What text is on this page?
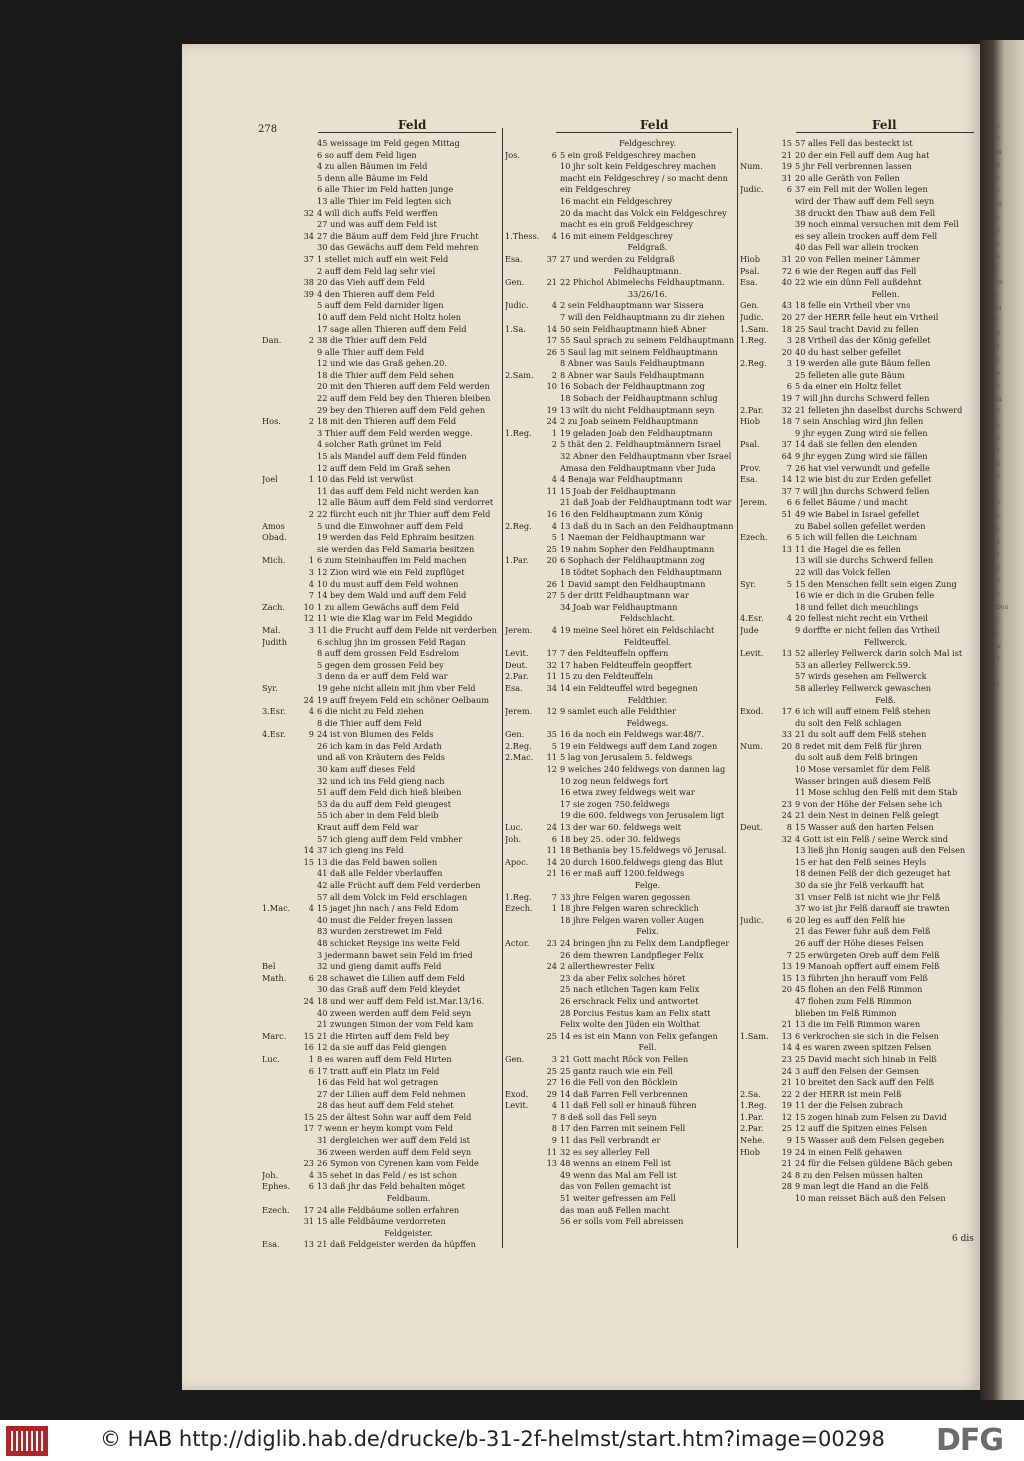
u
5
m
Ji
s
6
di
a
g
s
u
t
ge
r
vi
f
9
1
v
u
5
m
7
n
8
2
d
9
l
3
e
1
4
1
2
6
5
Deu
f
c
w
2
i
1
278	Feld	Feld	Fell
45 weissage im Feld gegen Mittag
6 so auff dem Feld ligen
4 zu allen Bäumen im Feld
5 denn alle Bäume im Feld
6 alle Thier im Feld hatten junge
13 alle Thier im Feld legten sich
32 4 will dich auffs Feld werffen
27 und was auff dem Feld ist
34 27 die Bäum auff dem Feld jhre Frucht
30 das Gewächs auff dem Feld mehren
37 1 stellet mich auff ein weit Feld
2 auff dem Feld lag sehr viel
38 20 das Vieh auff dem Feld
39 4 den Thieren auff dem Feld
5 auff dem Feld darnider ligen
10 auff dem Feld nicht Holtz holen
17 sage allen Thieren auff dem Feld
Dan.	2 38 die Thier auff dem Feld
9 alle Thier auff dem Feld
12 und wie das Graß gehen.20.
18 die Thier auff dem Feld sehen
20 mit den Thieren auff dem Feld werden
22 auff dem Feld bey den Thieren bleiben
29 bey den Thieren auff dem Feld gehen
Hos.	2 18 mit den Thieren auff dem Feld
3 Thier auff dem Feld werden wegge.
4 solcher Rath grünet im Feld
15 als Mandel auff dem Feld fünden
12 auff dem Feld im Graß sehen
Joel	1 10 das Feld ist verwüst
11 das auff dem Feld nicht werden kan
12 alle Bäum auff dem Feld sind verdorret
2 22 fürcht euch nit jhr Thier auff dem Feld
Amos	5 und die Einwohner auff dem Feld
Obad.	19 werden das Feld Ephraim besitzen
sie werden das Feld Samaria besitzen
Mich.	1 6 zum Steinhauffen im Feld machen
3 12 Zion wird wie ein Feld zupflüget
4 10 du must auff dem Feld wohnen
7 14 bey dem Wald und auff dem Feld
Zach.	10 1 zu allem Gewächs auff dem Feld
12 11 wie die Klag war im Feld Megiddo
Mal.	3 11 die Frucht auff dem Felde nit verderben
Judith	6 schlug jhn im grossen Feld Ragan
8 auff dem grossen Feld Esdrelom
5 gegen dem grossen Feld bey
3 denn da er auff dem Feld war
Syr.	19 gehe nicht allein mit jhm vber Feld
24 19 auff freyem Feld ein schöner Oelbaum
3.Esr.	4 6 die nicht zu Feld ziehen
8 die Thier auff dem Feld
4.Esr.	9 24 ist von Blumen des Felds
26 ich kam in das Feld Ardath
und aß von Kräutern des Felds
30 kam auff dieses Feld
32 und ich ins Feld gieng nach
51 auff dem Feld dich hieß bleiben
53 da du auff dem Feld gieugest
55 ich aber in dem Feld bleib
Kraut auff dem Feld war
57 ich gieng auff dem Feld vmbher
14 37 ich gieng ins Feld
15 13 die das Feld bawen sollen
41 daß alle Felder vberlauffen
42 alle Frücht auff dem Feld verderben
57 all dem Volck im Feld erschlagen
1.Mac.	4 15 jaget jhn nach / ans Feld Edom
40 must die Felder freyen lassen
83 wurden zerstrewet im Feld
48 schicket Reysige ins weite Feld
3 jedermann bawet sein Feld im fried
Bel	32 und gieng damit auffs Feld
Math.	6 28 schawet die Lilien auff dem Feld
30 das Graß auff dem Feld kleydet
24 18 und wer auff dem Feld ist.Mar.13/16.
40 zween werden auff dem Feld seyn
21 zwungen Simon der vom Feld kam
Marc.	15 21 die Hirten auff dem Feld bey
16 12 da sie auff das Feld giengen
Luc.	1 8 es waren auff dem Feld Hirten
6 17 tratt auff ein Platz im Feld
16 das Feld hat wol getragen
27 der Lilien auff dem Feld nehmen
28 das heut auff dem Feld stehet
15 25 der ältest Sohn war auff dem Feld
17 7 wenn er heym kompt vom Feld
31 dergleichen wer auff dem Feld ist
36 zween werden auff dem Feld seyn
23 26 Symon von Cyrenen kam vom Felde
Joh.	4 35 sehet in das Feld / es ist schon
Ephes.	6 13 daß jhr das Feld behalten möget
Feldbaum.
Ezech.	17 24 alle Feldbäume sollen erfahren
31 15 alle Feldbäume verdorreten
Feldgeister.
Esa.	13 21 daß Feldgeister werden da hüpffen
Feldgeschrey.
Jos.	6 5 ein groß Feldgeschrey machen
10 jhr solt kein Feldgeschrey machen
macht ein Feldgeschrey / so macht denn
ein Feldgeschrey
16 macht ein Feldgeschrey
20 da macht das Volck ein Feldgeschrey
macht es ein groß Feldgeschrey
1.Thess.	4 16 mit einem Feldgeschrey
Feldgraß.
Esa.	37 27 und werden zu Feldgraß
Feldhauptmann.
Gen.	21 22 Phichol Abimelechs Feldhauptmann.
33/26/16.
Judic.	4 2 sein Feldhauptmann war Sissera
7 will den Feldhauptmann zu dir ziehen
1.Sa.	14 50 sein Feldhauptmann hieß Abner
17 55 Saul sprach zu seinem Feldhauptmann
26 5 Saul lag mit seinem Feldhauptmann
8 Abner was Sauls Feldhauptmann
2.Sam.	2 8 Abner war Sauls Feldhauptmann
10 16 Sobach der Feldhauptmann zog
18 Sobach der Feldhauptmann schlug
19 13 wilt du nicht Feldhauptmann seyn
24 2 zu Joab seinem Feldhauptmann
1.Reg.	1 19 geladen Joab den Feldhauptmann
2 5 thät den 2. Feldhauptmännern Israel
32 Abner den Feldhauptmann vber Israel
Amasa den Feldhauptmann vber Juda
4 4 Benaja war Feldhauptmann
11 15 Joab der Feldhauptmann
21 daß Joab der Feldhauptmann todt war
16 16 den Feldhauptmann zum König
2.Reg.	4 13 daß du in Sach an den Feldhauptmann
5 1 Naeman der Feldhauptmann war
25 19 nahm Sopher den Feldhauptmann
1.Par.	20 6 Sophach der Feldhauptmann zog
18 tödtet Sophach den Feldhauptmann
26 1 David sampt den Feldhauptmann
27 5 der dritt Feldhauptmann war
34 Joab war Feldhauptmann
Feldschlacht.
Jerem.	4 19 meine Seel höret ein Feldschlacht
Feldteuffel.
Levit.	17 7 den Feldteuffeln opffern
Deut.	32 17 haben Feldteuffeln geopffert
2.Par.	11 15 zu den Feldteuffeln
Esa.	34 14 ein Feldteuffel wird begegnen
Feldthier.
Jerem.	12 9 samlet euch alle Feldthier
Feldwegs.
Gen.	35 16 da noch ein Feldwegs war.48/7.
2.Reg.	5 19 ein Feldwegs auff dem Land zogen
2.Mac.	11 5 lag von Jerusalem 5. feldwegs
12 9 welches 240 feldwegs von dannen lag
10 zog neun feldwegs fort
16 etwa zwey feldwegs weit war
17 sie zogen 750.feldwegs
19 die 600. feldwegs von Jerusalem ligt
Luc.	24 13 der war 60. feldwegs weit
Joh.	6 18 bey 25. oder 30. feldwegs
11 18 Bethania bey 15.feldwegs vö Jerusal.
Apoc.	14 20 durch 1600.feldwegs gieng das Blut
21 16 er maß auff 1200.feldwegs
Felge.
1.Reg.	7 33 jhre Felgen waren gegossen
Ezech.	1 18 jhre Felgen waren schrecklich
18 jhre Felgen waren voller Augen
Felix.
Actor.	23 24 bringen jhn zu Felix dem Landpfleger
26 dem thewren Landpfleger Felix
24 2 allerthewrester Felix
23 da aber Felix solches höret
25 nach etlichen Tagen kam Felix
26 erschrack Felix und antwortet
28 Porcius Festus kam an Felix statt
Felix wolte den Jüden ein Wolthat
25 14 es ist ein Mann von Felix gefangen
Fell.
Gen.	3 21 Gott macht Röck von Fellen
25 25 gantz rauch wie ein Fell
27 16 die Fell von den Böcklein
Exod.	29 14 daß Farren Fell verbrennen
Levit.	4 11 daß Fell soll er hinauß führen
7 8 deß soll das Fell seyn
8 17 den Farren mit seinem Fell
9 11 das Fell verbrandt er
11 32 es sey allerley Fell
13 48 wenns an einem Fell ist
49 wenn das Mal am Fell ist
das von Fellen gemacht ist
51 weiter gefressen am Fell
das man auß Fellen macht
56 er solls vom Fell abreissen
15 57 alles Fell das besteckt ist
21 20 der ein Fell auff dem Aug hat
Num.	19 5 jhr Fell verbrennen lassen
31 20 alle Geräth von Fellen
Judic.	6 37 ein Fell mit der Wollen legen
wird der Thaw auff dem Fell seyn
38 druckt den Thaw auß dem Fell
39 noch einmal versuchen mit dem Fell
es sey allein trocken auff dem Fell
40 das Fell war allein trocken
Hiob	31 20 von Fellen meiner Lämmer
Psal.	72 6 wie der Regen auff das Fell
Esa.	40 22 wie ein dünn Fell außdehnt
Fellen.
Gen.	43 18 felle ein Vrtheil vber vns
Judic.	20 27 der HERR felle heut ein Vrtheil
1.Sam.	18 25 Saul tracht David zu fellen
1.Reg.	3 28 Vrtheil das der König gefellet
20 40 du hast selber gefellet
2.Reg.	3 19 werden alle gute Bäum fellen
25 felleten alle gute Bäum
6 5 da einer ein Holtz fellet
19 7 will jhn durchs Schwerd fellen
2.Par.	32 21 felleten jhn daselbst durchs Schwerd
Hiob	18 7 sein Anschlag wird jhn fellen
9 jhr eygen Zung wird sie fellen
Psal.	37 14 daß sie fellen den elenden
64 9 jhr eygen Zung wird sie fällen
Prov.	7 26 hat viel verwundt und gefelle
Esa.	14 12 wie bist du zur Erden gefellet
37 7 will jhn durchs Schwerd fellen
Jerem.	6 6 fellet Bäume / und macht
51 49 wie Babel in Israel gefellet
zu Babel sollen gefellet werden
Ezech.	6 5 ich will fellen die Leichnam
13 11 die Hagel die es fellen
13 will sie durchs Schwerd fellen
22 will das Volck fellen
Syr.	5 15 den Menschen fellt sein eigen Zung
16 wie er dich in die Gruben felle
18 und fellet dich meuchlings
4.Esr.	4 20 fellest nicht recht ein Vrtheil
Jude	9 dorffte er nicht fellen das Vrtheil
Fellwerck.
Levit.	13 52 allerley Fellwerck darin solch Mal ist
53 an allerley Fellwerck.59.
57 wirds gesehen am Fellwerck
58 allerley Fellwerck gewaschen
Felß.
Exod.	17 6 ich will auff einem Felß stehen
du solt den Felß schlagen
33 21 du solt auff dem Felß stehen
Num.	20 8 redet mit dem Felß für jhren
du solt auß dem Felß bringen
10 Mose versamlet für dem Felß
Wasser bringen auß diesem Felß
11 Mose schlug den Felß mit dem Stab
23 9 von der Höhe der Felsen sehe ich
24 21 dein Nest in deinen Felß gelegt
Deut.	8 15 Wasser auß den harten Felsen
32 4 Gott ist ein Felß / seine Werck sind
13 ließ jhn Honig saugen auß den Felsen
15 er hat den Felß seines Heyls
18 deinen Felß der dich gezeuget hat
30 da sie jhr Felß verkaufft hat
31 vnser Felß ist nicht wie jhr Felß
37 wo ist jhr Felß darauff sie trawten
Judic.	6 20 leg es auff den Felß hie
21 das Fewer fuhr auß dem Felß
26 auff der Höhe dieses Felsen
7 25 erwürgeten Oreb auff dem Felß
13 19 Manoah opffert auff einem Felß
15 13 führten jhn herauff vom Felß
20 45 flohen an den Felß Rimmon
47 flohen zum Felß Rimmon
blieben im Felß Rimmon
21 13 die im Felß Rimmon waren
1.Sam.	13 6 verkrochen sie sich in die Felsen
14 4 es waren zween spitzen Felsen
23 25 David macht sich hinab in Felß
24 3 auff den Felsen der Gemsen
21 10 breitet den Sack auff den Felß
2.Sa.	22 2 der HERR ist mein Felß
1.Reg.	19 11 der die Felsen zubrach
1.Par.	12 15 zogen hinab zum Felsen zu David
2.Par.	25 12 auff die Spitzen eines Felsen
Nehe.	9 15 Wasser auß dem Felsen gegeben
Hiob	19 24 in einen Felß gehawen
21 24 für die Felsen güldene Bäch geben
24 8 zu den Felsen müssen halten
28 9 man legt die Hand an die Felß
10 man reisset Bäch auß den Felsen
6 dis
© HAB http://diglib.hab.de/drucke/b-31-2f-helmst/start.htm?image=00298 DFG
